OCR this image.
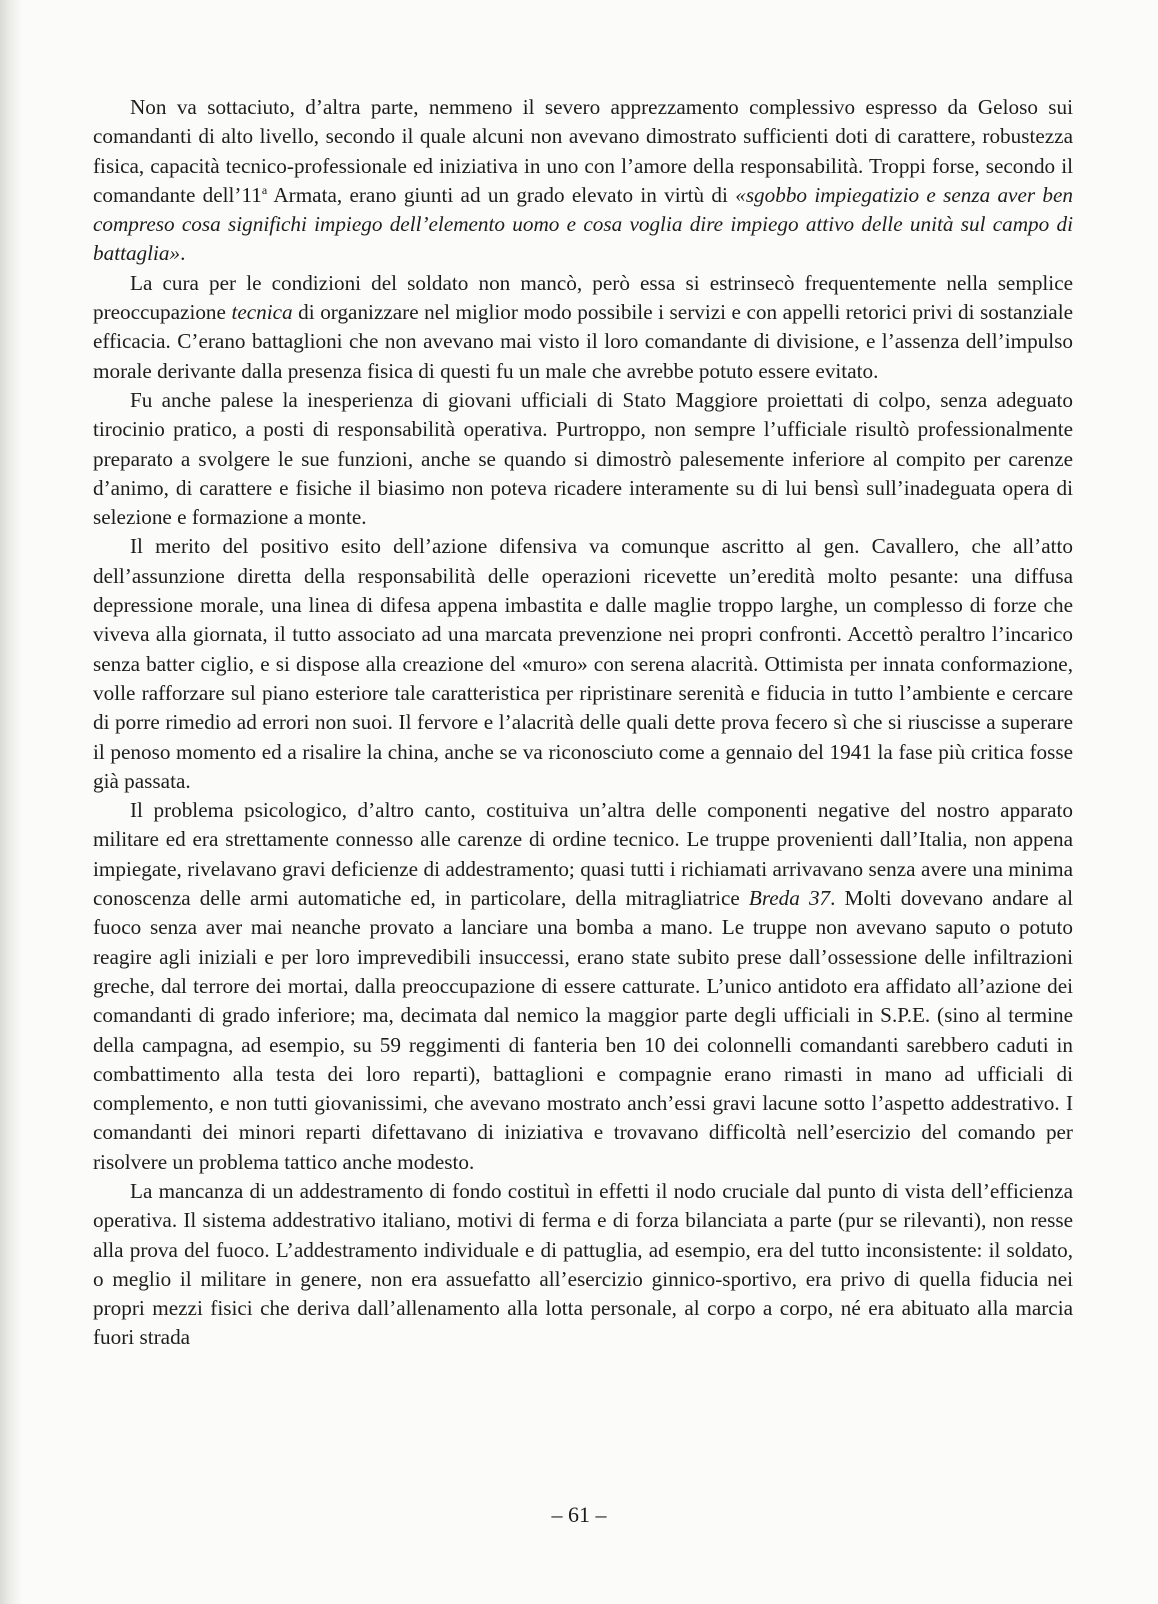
Non va sottaciuto, d’altra parte, nemmeno il severo apprezzamento complessivo espresso da Geloso sui comandanti di alto livello, secondo il quale alcuni non avevano dimostrato sufficienti doti di carattere, robustezza fisica, capacità tecnico-professionale ed iniziativa in uno con l’amore della responsabilità. Troppi forse, secondo il comandante dell’11$^a$ Armata, erano giunti ad un grado elevato in virtù di «sgobbo impiegatizio e senza aver ben compreso cosa significhi impiego dell’elemento uomo e cosa voglia dire impiego attivo delle unità sul campo di battaglia».

La cura per le condizioni del soldato non mancò, però essa si estrinsecò frequentemente nella semplice preoccupazione tecnica di organizzare nel miglior modo possibile i servizi e con appelli retorici privi di sostanziale efficacia. C’erano battaglioni che non avevano mai visto il loro comandante di divisione, e l’assenza dell’impulso morale derivante dalla presenza fisica di questi fu un male che avrebbe potuto essere evitato.

Fu anche palese la inesperienza di giovani ufficiali di Stato Maggiore proiettati di colpo, senza adeguato tirocinio pratico, a posti di responsabilità operativa. Purtroppo, non sempre l’ufficiale risultò professionalmente preparato a svolgere le sue funzioni, anche se quando si dimostrò palesemente inferiore al compito per carenze d’animo, di carattere e fisiche il biasimo non poteva ricadere interamente su di lui bensì sull’inadeguata opera di selezione e formazione a monte.

Il merito del positivo esito dell’azione difensiva va comunque ascritto al gen. Cavallero, che all’atto dell’assunzione diretta della responsabilità delle operazioni ricevette un’eredità molto pesante: una diffusa depressione morale, una linea di difesa appena imbastita e dalle maglie troppo larghe, un complesso di forze che viveva alla giornata, il tutto associato ad una marcata prevenzione nei propri confronti. Accettò peraltro l’incarico senza batter ciglio, e si dispose alla creazione del «muro» con serena alacrità. Ottimista per innata conformazione, volle rafforzare sul piano esteriore tale caratteristica per ripristinare serenità e fiducia in tutto l’ambiente e cercare di porre rimedio ad errori non suoi. Il fervore e l’alacrità delle quali dette prova fecero sì che si riuscisse a superare il penoso momento ed a risalire la china, anche se va riconosciuto come a gennaio del 1941 la fase più critica fosse già passata.

Il problema psicologico, d’altro canto, costituiva un’altra delle componenti negative del nostro apparato militare ed era strettamente connesso alle carenze di ordine tecnico. Le truppe provenienti dall’Italia, non appena impiegate, rivelavano gravi deficienze di addestramento; quasi tutti i richiamati arrivavano senza avere una minima conoscenza delle armi automatiche ed, in particolare, della mitragliatrice Breda 37. Molti dovevano andare al fuoco senza aver mai neanche provato a lanciare una bomba a mano. Le truppe non avevano saputo o potuto reagire agli iniziali e per loro imprevedibili insuccessi, erano state subito prese dall’ossessione delle infiltrazioni greche, dal terrore dei mortai, dalla preoccupazione di essere catturate. L’unico antidoto era affidato all’azione dei comandanti di grado inferiore; ma, decimata dal nemico la maggior parte degli ufficiali in S.P.E. (sino al termine della campagna, ad esempio, su 59 reggimenti di fanteria ben 10 dei colonnelli comandanti sarebbero caduti in combattimento alla testa dei loro reparti), battaglioni e compagnie erano rimasti in mano ad ufficiali di complemento, e non tutti giovanissimi, che avevano mostrato anch’essi gravi lacune sotto l’aspetto addestrativo. I comandanti dei minori reparti difettavano di iniziativa e trovavano difficoltà nell’esercizio del comando per risolvere un problema tattico anche modesto.

La mancanza di un addestramento di fondo costituì in effetti il nodo cruciale dal punto di vista dell’efficienza operativa. Il sistema addestrativo italiano, motivi di ferma e di forza bilanciata a parte (pur se rilevanti), non resse alla prova del fuoco. L’addestramento individuale e di pattuglia, ad esempio, era del tutto inconsistente: il soldato, o meglio il militare in genere, non era assuefatto all’esercizio ginnico-sportivo, era privo di quella fiducia nei propri mezzi fisici che deriva dall’allenamento alla lotta personale, al corpo a corpo, né era abituato alla marcia fuori strada

– 61 –
